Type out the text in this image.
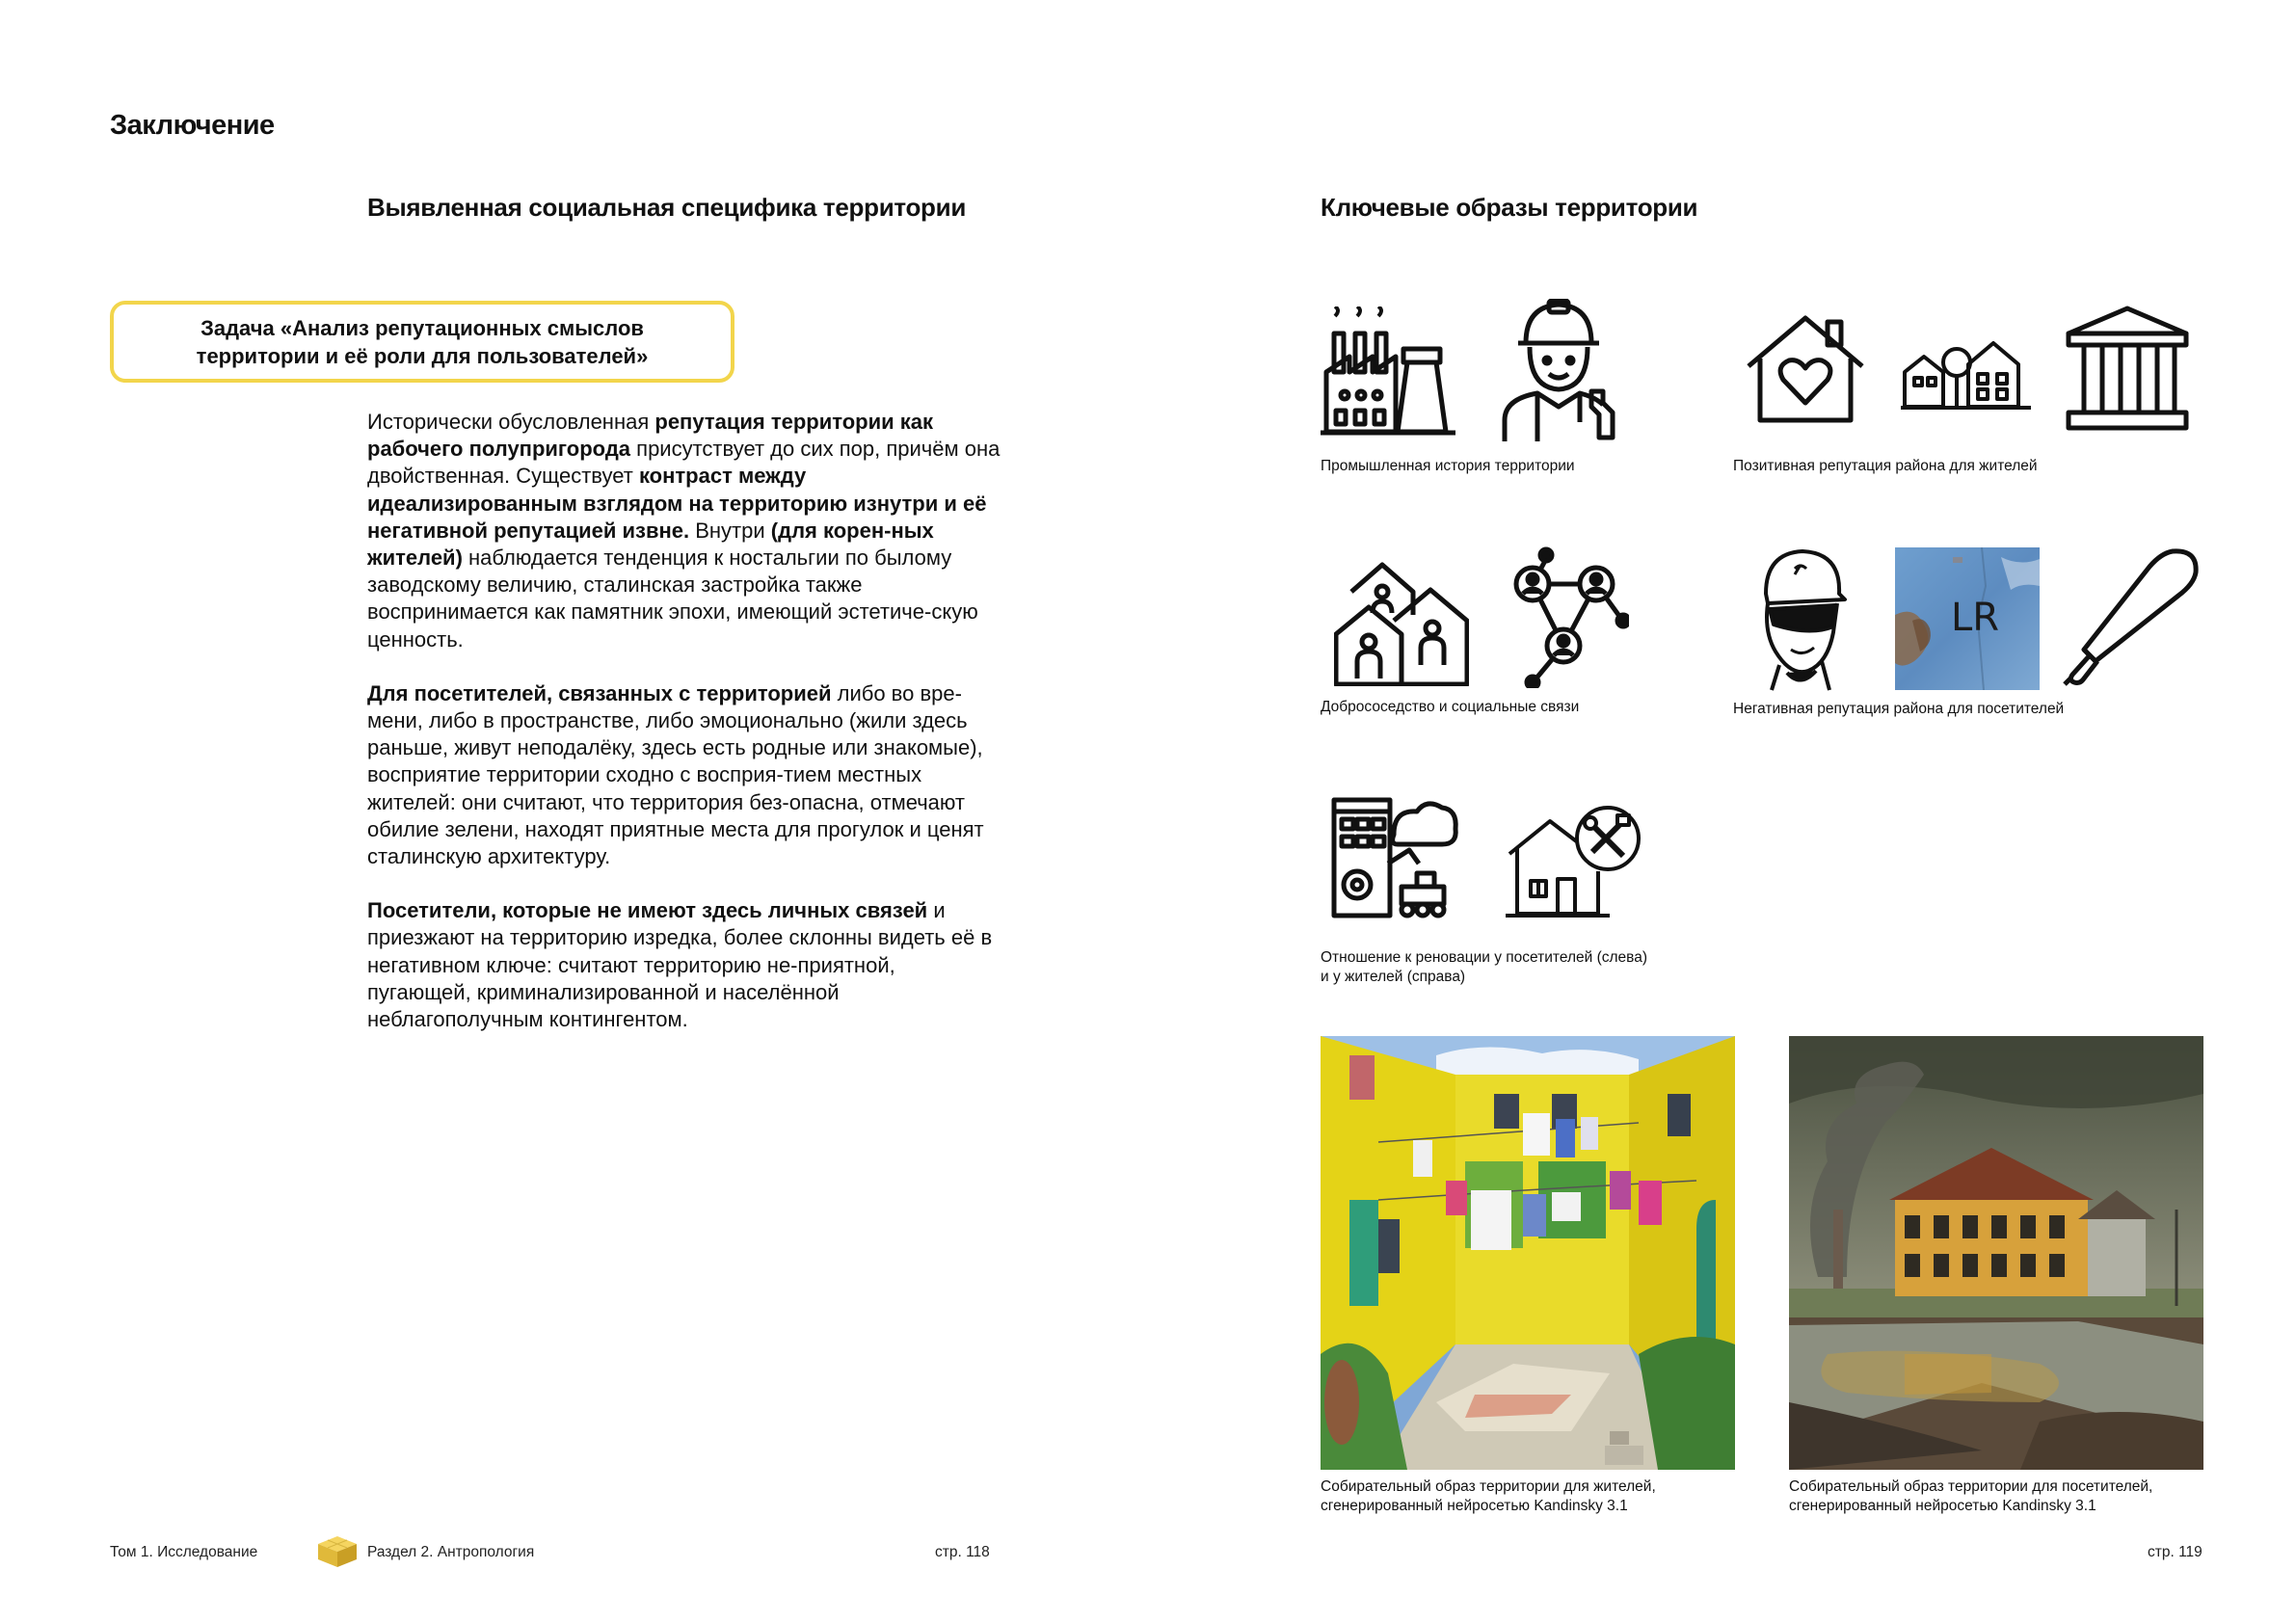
Заключение
Выявленная социальная специфика территории
Задача «Анализ репутационных смыслов
территории и её роли для пользователей»

Исторически обусловленная репутация территории как рабочего полупригорода присутствует до сих пор, причём она двойственная. Существует контраст между идеализированным взглядом на территорию изнутри и её негативной репутацией извне. Внутри (для корен-ных жителей) наблюдается тенденция к ностальгии по былому заводскому величию, сталинская застройка также воспринимается как памятник эпохи, имеющий эстетиче-скую ценность.

Для посетителей, связанных с территорией либо во вре-мени, либо в пространстве, либо эмоционально (жили здесь раньше, живут неподалёку, здесь есть родные или знакомые), восприятие территории сходно с восприя-тием местных жителей: они считают, что территория без-опасна, отмечают обилие зелени, находят приятные места для прогулок и ценят сталинскую архитектуру.

Посетители, которые не имеют здесь личных связей и приезжают на территорию изредка, более склонны видеть её в негативном ключе: считают территорию не-приятной, пугающей, криминализированной и населённой неблагополучным контингентом.

Том 1. Исследование	Раздел 2. Антропология	стр. 118
Ключевые образы территории
Промышленная история территории	Позитивная репутация района для жителей
Добрососедство и социальные связи
LR
Негативная репутация района для посетителей
Отношение к реновации у посетителей (слева)
и у жителей (справа)
Собирательный образ территории для жителей,
сгенерированный нейросетью Kandinsky 3.1
Собирательный образ территории для посетителей,
сгенерированный нейросетью Kandinsky 3.1
стр. 119
